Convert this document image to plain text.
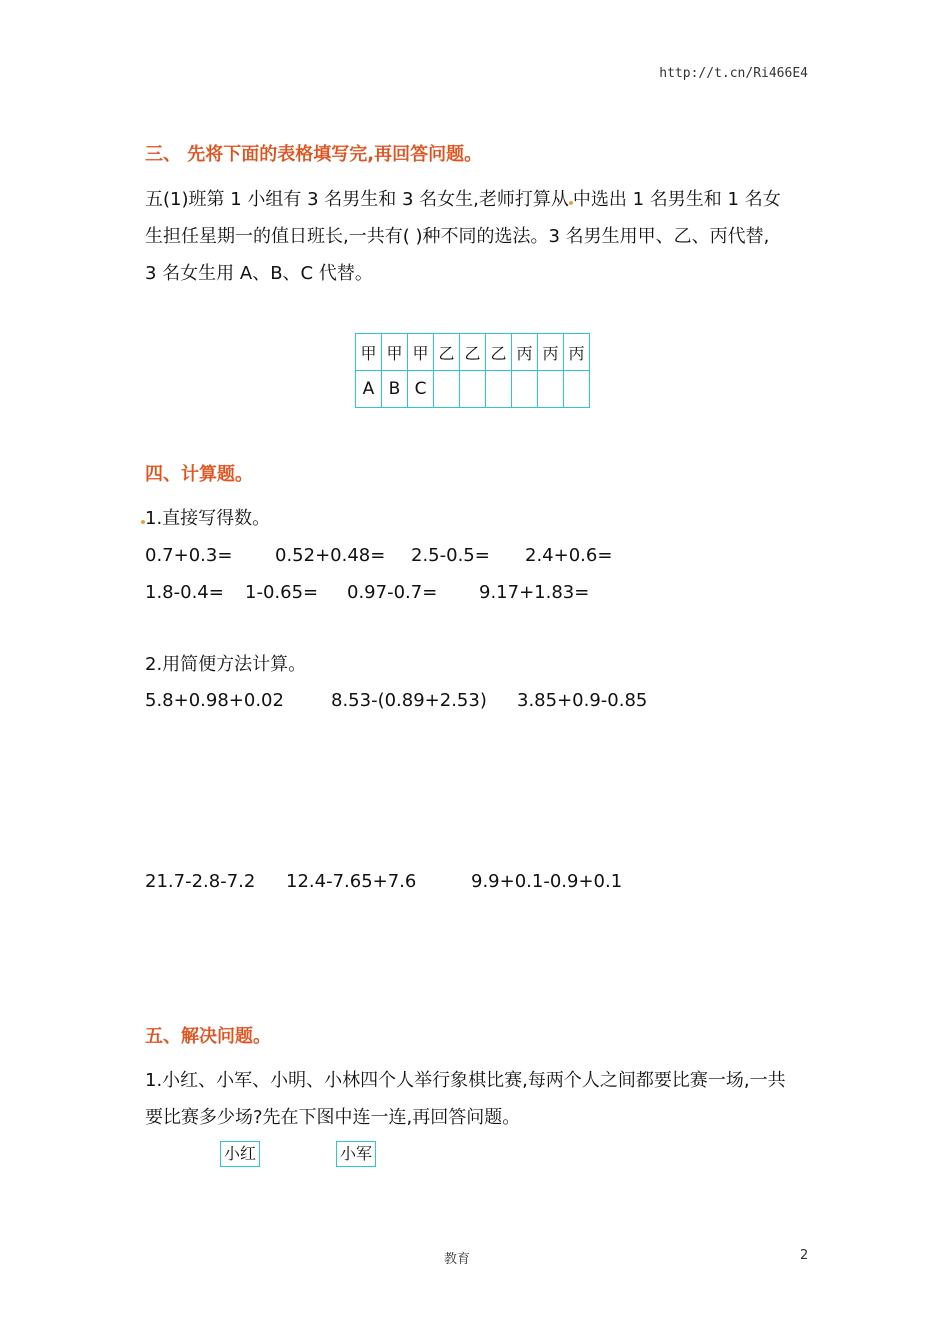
http://t.cn/Ri466E4
三、 先将下面的表格填写完,再回答问题。
五(1)班第 1 小组有 3 名男生和 3 名女生,老师打算从 中选出 1 名男生和 1 名女
生担任星期一的值日班长,一共有( )种不同的选法。3 名男生用甲、乙、丙代替,
3 名女生用 A、B、C 代替。
甲	甲	甲	乙	乙	乙	丙	丙	丙
A	B	C						
四、计算题。
1.直接写得数。
0.7+0.3= 0.52+0.48= 2.5-0.5= 2.4+0.6=
1.8-0.4= 1-0.65= 0.97-0.7= 9.17+1.83=
2.用简便方法计算。
5.8+0.98+0.02	8.53-(0.89+2.53) 3.85+0.9-0.85
21.7-2.8-7.2 12.4-7.65+7.6	9.9+0.1-0.9+0.1
五、解决问题。
1.小红、小军、小明、小林四个人举行象棋比赛,每两个人之间都要比赛一场,一共
要比赛多少场?先在下图中连一连,再回答问题。
小红	小军
教育	2
